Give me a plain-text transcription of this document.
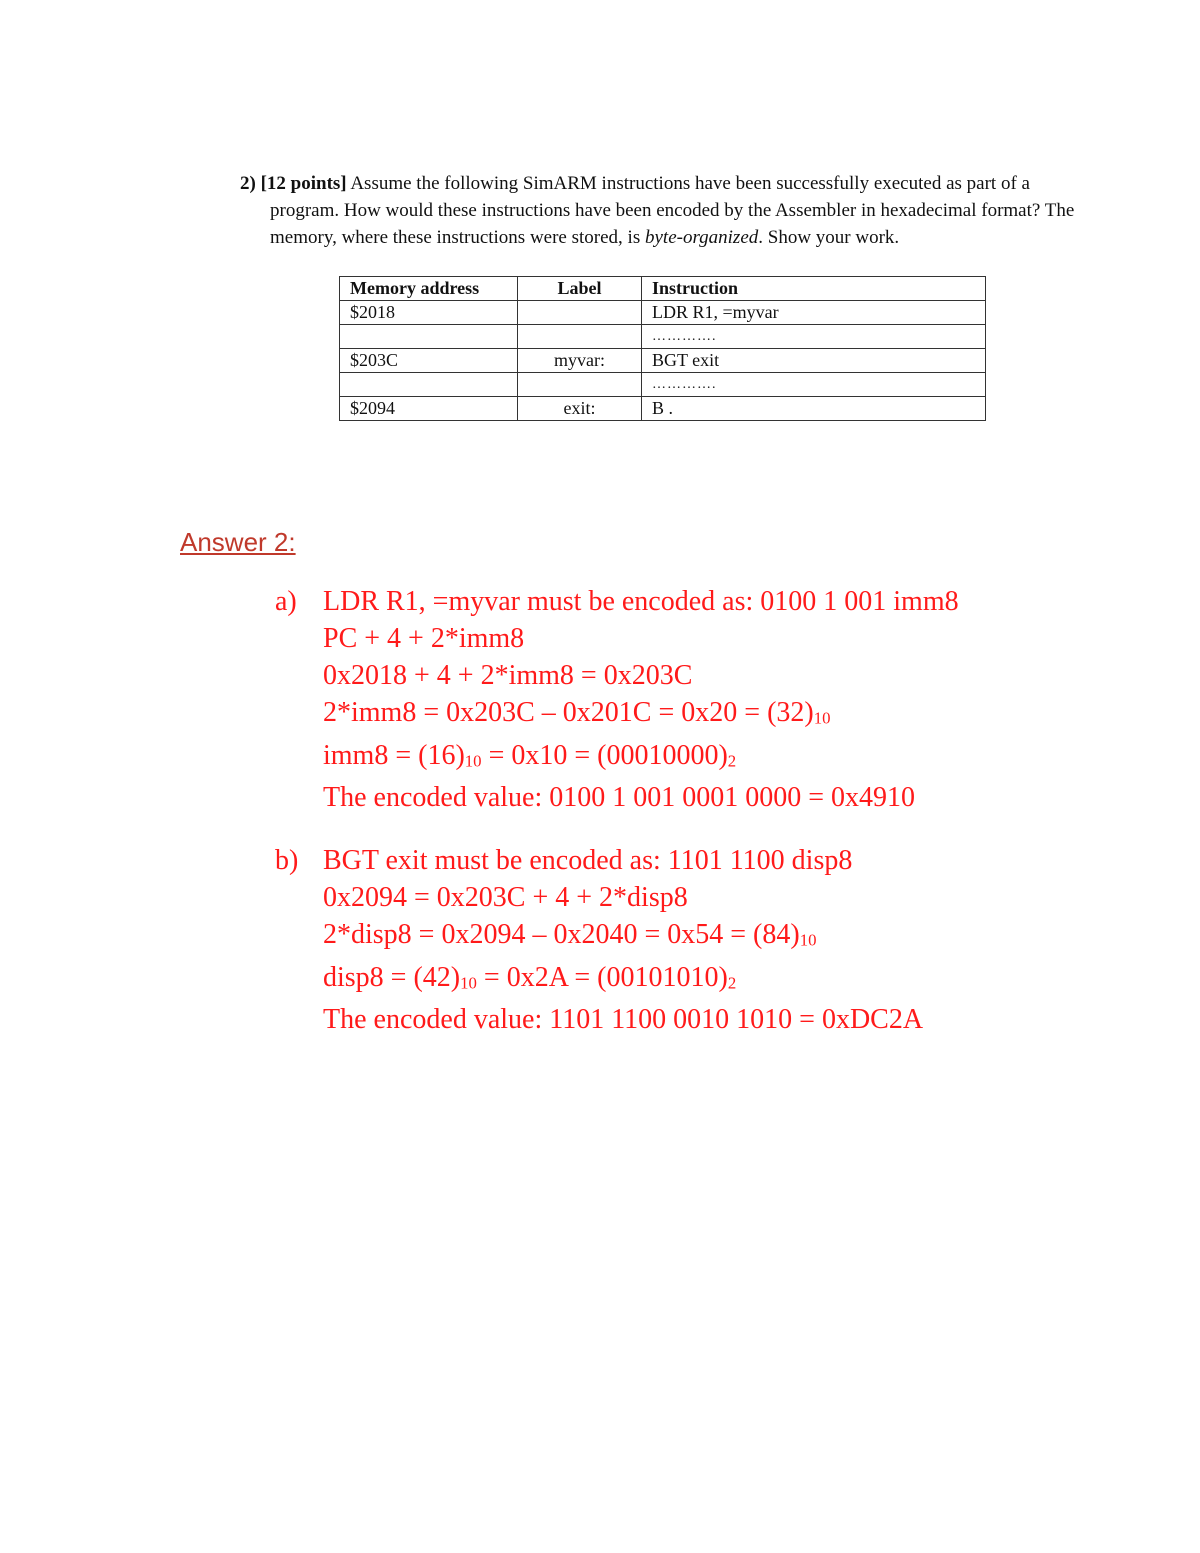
2) [12 points] Assume the following SimARM instructions have been successfully executed as part of a
program. How would these instructions have been encoded by the Assembler in hexadecimal format? The
memory, where these instructions were stored, is byte-organized. Show your work.
Memory address	Label	Instruction
$2018		LDR R1, =myvar
		………….
$203C	myvar:	BGT exit
		………….
$2094	exit:	B .
Answer 2:
a) LDR R1, =myvar must be encoded as: 0100 1 001 imm8
PC + 4 + 2*imm8
0x2018 + 4 + 2*imm8 = 0x203C
$2*imm8 = 0x203C - 0x201C = 0x20 = (32)_{10}$
$imm8 = (16)_{10} = 0x10 = (00010000)_2$
The encoded value: 0100 1 001 0001 0000 = 0x4910
b) BGT exit must be encoded as: 1101 1100 disp8
0x2094 = 0x203C + 4 + 2*disp8
2*disp8 = $0x2094 - 0x2040 = 0x54 = (84)_{10}$
disp8 = $(42)_{10} = 0x2A = (00101010)_2$
The encoded value: 1101 1100 0010 1010 = 0xDC2A
